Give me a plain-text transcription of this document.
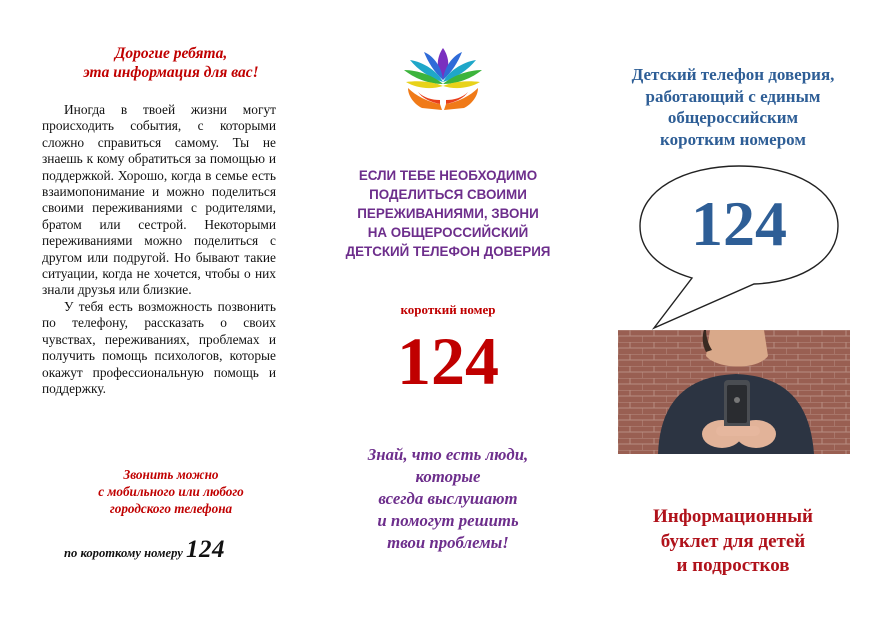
Дорогие ребята,
эта информация для вас!

Иногда в твоей жизни могут происходить события, с которыми сложно справиться самому. Ты не знаешь к кому обратиться за помощью и поддержкой. Хорошо, когда в семье есть взаимопонимание и можно поделиться своими переживаниями с родителями, братом или сестрой. Некоторыми переживаниями можно поделиться с другом или подругой. Но бывают такие ситуации, когда не хочется, чтобы о них знали друзья или близкие.

У тебя есть возможность позвонить по телефону, рассказать о своих чувствах, переживаниях, проблемах и получить помощь психологов, которые окажут профессиональную помощь и поддержку.

Звонить можно
с мобильного или любого
городского телефона
по короткому номеру 124
ЕСЛИ ТЕБЕ НЕОБХОДИМО
ПОДЕЛИТЬСЯ СВОИМИ
ПЕРЕЖИВАНИЯМИ, ЗВОНИ
НА ОБЩЕРОССИЙСКИЙ
ДЕТСКИЙ ТЕЛЕФОН ДОВЕРИЯ
короткий номер
124
Знай, что есть люди,
которые
всегда выслушают
и помогут решить
твои проблемы!
Детский телефон доверия,
работающий с единым
общероссийским
коротким номером
124
Информационный
буклет для детей
и подростков
